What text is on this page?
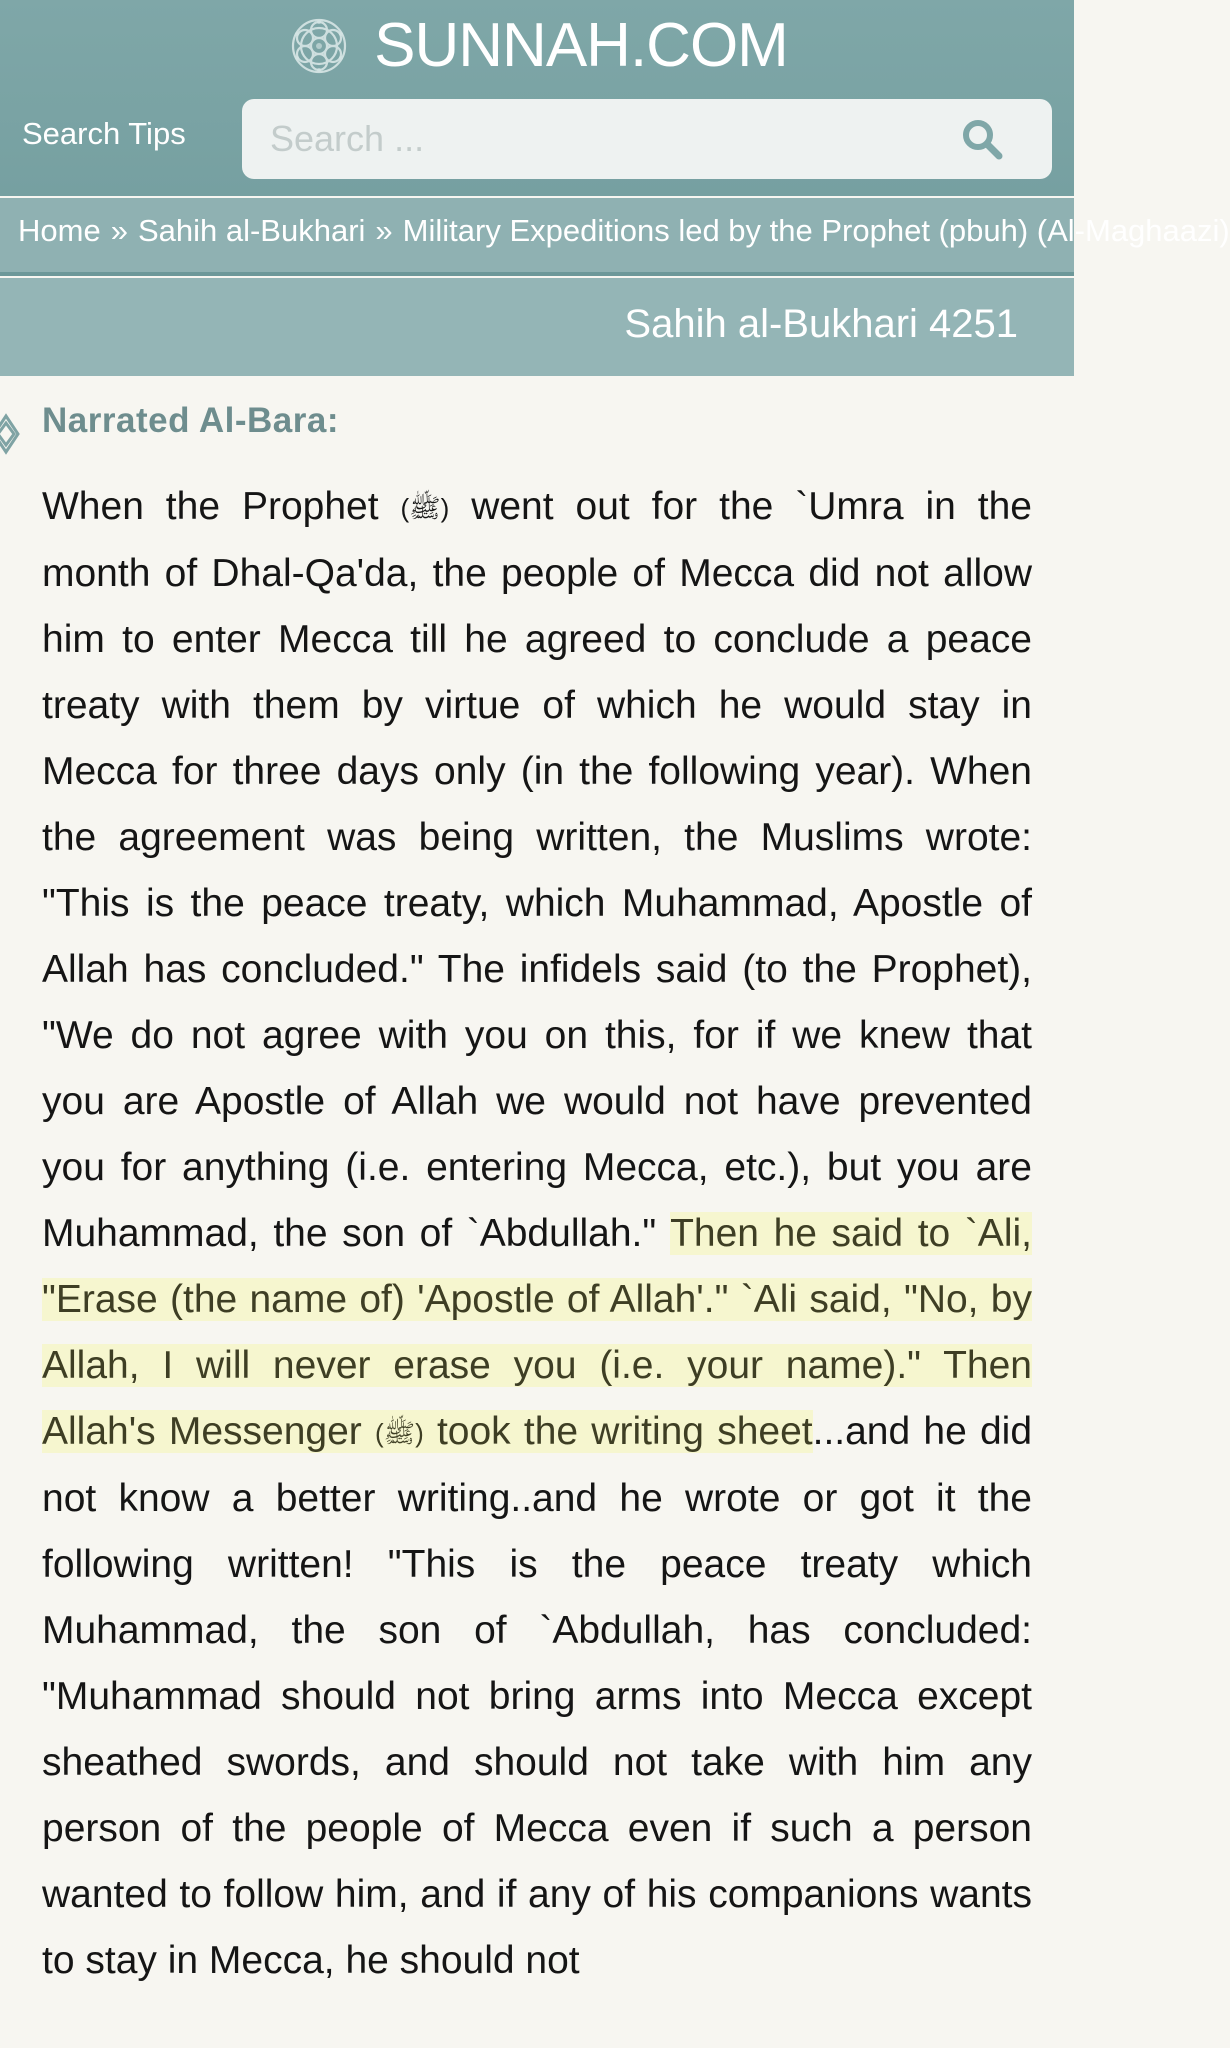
SUNNAH.COM
Search Tips
Search ...
Home » Sahih al-Bukhari » Military Expeditions led by the Prophet (pbuh) (Al-Maghaazi)
Sahih al-Bukhari 4251
Narrated Al-Bara:
When the Prophet (ﷺ) went out for the `Umra in the month of Dhal-Qa'da, the people of Mecca did not allow him to enter Mecca till he agreed to conclude a peace treaty with them by virtue of which he would stay in Mecca for three days only (in the following year). When the agreement was being written, the Muslims wrote: "This is the peace treaty, which Muhammad, Apostle of Allah has concluded." The infidels said (to the Prophet), "We do not agree with you on this, for if we knew that you are Apostle of Allah we would not have prevented you for anything (i.e. entering Mecca, etc.), but you are Muhammad, the son of `Abdullah." Then he said to `Ali, "Erase (the name of) 'Apostle of Allah'." `Ali said, "No, by Allah, I will never erase you (i.e. your name)." Then Allah's Messenger (ﷺ) took the writing sheet...and he did not know a better writing..and he wrote or got it the following written! "This is the peace treaty which Muhammad, the son of `Abdullah, has concluded: "Muhammad should not bring arms into Mecca except sheathed swords, and should not take with him any person of the people of Mecca even if such a person wanted to follow him, and if any of his companions wants to stay in Mecca, he should not
